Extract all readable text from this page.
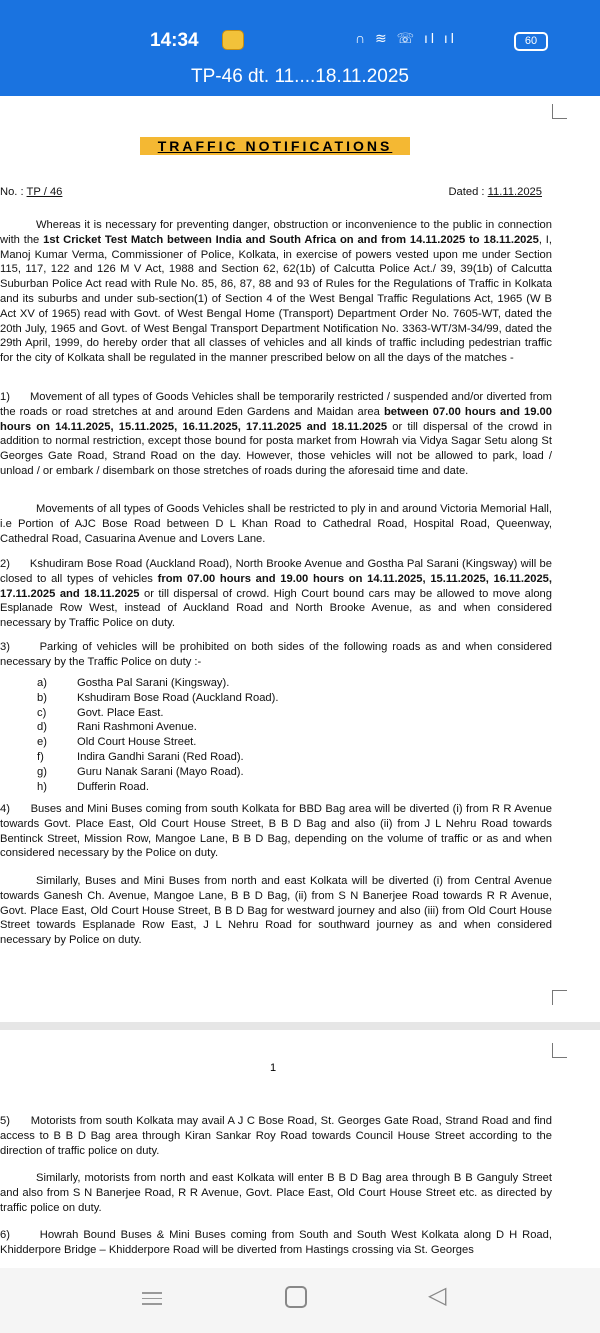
14:34	∩ ≋ ☏ ıl ıl	60
TP-46 dt. 11....18.11.2025
TRAFFIC NOTIFICATIONS
No. : TP / 46	Dated : 11.11.2025

Whereas it is necessary for preventing danger, obstruction or inconvenience to the public in connection with the 1st Cricket Test Match between India and South Africa on and from 14.11.2025 to 18.11.2025, I, Manoj Kumar Verma, Commissioner of Police, Kolkata, in exercise of powers vested upon me under Section 115, 117, 122 and 126 M V Act, 1988 and Section 62, 62(1b) of Calcutta Police Act./ 39, 39(1b) of Calcutta Suburban Police Act read with Rule No. 85, 86, 87, 88 and 93 of Rules for the Regulations of Traffic in Kolkata and its suburbs and under sub-section(1) of Section 4 of the West Bengal Traffic Regulations Act, 1965 (W B Act XV of 1965) read with Govt. of West Bengal Home (Transport) Department Order No. 7605-WT, dated the 20th July, 1965 and Govt. of West Bengal Transport Department Notification No. 3363-WT/3M-34/99, dated the 29th April, 1999, do hereby order that all classes of vehicles and all kinds of traffic including pedestrian traffic for the city of Kolkata shall be regulated in the manner prescribed below on all the days of the matches -

1) Movement of all types of Goods Vehicles shall be temporarily restricted / suspended and/or diverted from the roads or road stretches at and around Eden Gardens and Maidan area between 07.00 hours and 19.00 hours on 14.11.2025, 15.11.2025, 16.11.2025, 17.11.2025 and 18.11.2025 or till dispersal of the crowd in addition to normal restriction, except those bound for posta market from Howrah via Vidya Sagar Setu along St Georges Gate Road, Strand Road on the day. However, those vehicles will not be allowed to park, load / unload / or embark / disembark on those stretches of roads during the aforesaid time and date.

Movements of all types of Goods Vehicles shall be restricted to ply in and around Victoria Memorial Hall, i.e Portion of AJC Bose Road between D L Khan Road to Cathedral Road, Hospital Road, Queenway, Cathedral Road, Casuarina Avenue and Lovers Lane.

2) Kshudiram Bose Road (Auckland Road), North Brooke Avenue and Gostha Pal Sarani (Kingsway) will be closed to all types of vehicles from 07.00 hours and 19.00 hours on 14.11.2025, 15.11.2025, 16.11.2025, 17.11.2025 and 18.11.2025 or till dispersal of crowd. High Court bound cars may be allowed to move along Esplanade Row West, instead of Auckland Road and North Brooke Avenue, as and when considered necessary by Traffic Police on duty.

3)	Parking of vehicles will be prohibited on both sides of the following roads as and when considered necessary by the Traffic Police on duty :-

a)	Gostha Pal Sarani (Kingsway).
b)	Kshudiram Bose Road (Auckland Road).
c)	Govt. Place East.
d)	Rani Rashmoni Avenue.
e)	Old Court House Street.
f)	Indira Gandhi Sarani (Red Road).
g)	Guru Nanak Sarani (Mayo Road).
h)	Dufferin Road.

4) Buses and Mini Buses coming from south Kolkata for BBD Bag area will be diverted (i) from R R Avenue towards Govt. Place East, Old Court House Street, B B D Bag and also (ii) from J L Nehru Road towards Bentinck Street, Mission Row, Mangoe Lane, B B D Bag, depending on the volume of traffic or as and when considered necessary by the Police on duty.

Similarly, Buses and Mini Buses from north and east Kolkata will be diverted (i) from Central Avenue towards Ganesh Ch. Avenue, Mangoe Lane, B B D Bag, (ii) from S N Banerjee Road towards R R Avenue, Govt. Place East, Old Court House Street, B B D Bag for westward journey and also (iii) from Old Court House Street towards Esplanade Row East, J L Nehru Road for southward journey as and when considered necessary by Police on duty.

1

5) Motorists from south Kolkata may avail A J C Bose Road, St. Georges Gate Road, Strand Road and find access to B B D Bag area through Kiran Sankar Roy Road towards Council House Street according to the direction of traffic police on duty.

Similarly, motorists from north and east Kolkata will enter B B D Bag area through B B Ganguly Street and also from S N Banerjee Road, R R Avenue, Govt. Place East, Old Court House Street etc. as directed by traffic police on duty.

6)	Howrah Bound Buses & Mini Buses coming from South and South West Kolkata along D H Road, Khidderpore Bridge – Khidderpore Road will be diverted from Hastings crossing via St. Georges

◁
